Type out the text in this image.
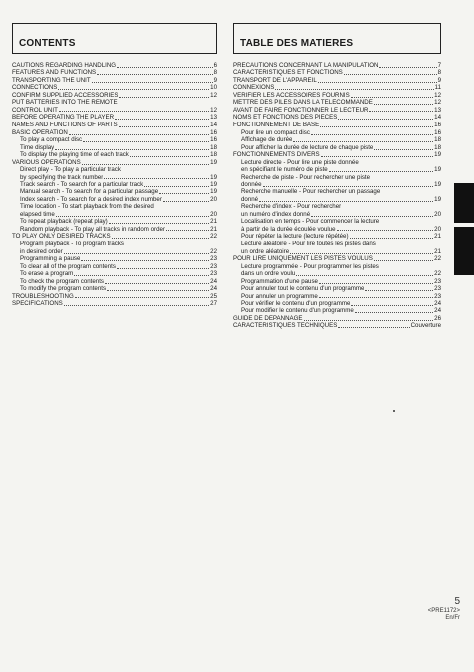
CONTENTS
CAUTIONS REGARDING HANDLING	6
FEATURES AND FUNCTIONS	8
TRANSPORTING THE UNIT	9
CONNECTIONS	10
CONFIRM SUPPLIED ACCESSORIES	12
PUT BATTERIES INTO THE REMOTE
CONTROL UNIT	12
BEFORE OPERATING THE PLAYER	13
NAMES AND FUNCTIONS OF PARTS	14
BASIC OPERATION	16
To play a compact disc	16
Time display	18
To display the playing time of each track	18
VARIOUS OPERATIONS	19
Direct play - To play a particular track
by specifying the track number	19
Track search - To search for a particular track	19
Manual search - To search for a particular passage	19
Index search - To search for a desired index number	20
Time location - To start playback from the desired
elapsed time	20
To repeat playback (repeat play)	21
Random playback - To play all tracks in random order	21
TO PLAY ONLY DESIRED TRACKS	22
Program playback - To program tracks
in desired order	22
Programming a pause	23
To clear all of the program contents	23
To erase a program	23
To check the program contents	24
To modify the program contents	24
TROUBLESHOOTING	25
SPECIFICATIONS	27
TABLE DES MATIERES
PRECAUTIONS CONCERNANT LA MANIPULATION	7
CARACTERISTIQUES ET FONCTIONS	8
TRANSPORT DE L'APPAREIL	9
CONNEXIONS	11
VERIFIER LES ACCESSOIRES FOURNIS	12
METTRE DES PILES DANS LA TELECOMMANDE	12
AVANT DE FAIRE FONCTIONNER LE LECTEUR	13
NOMS ET FONCTIONS DES PIECES	14
FONCTIONNEMENT DE BASE	16
Pour lire un compact disc	16
Affichage de durée	18
Pour afficher la durée de lecture de chaque piste	18
FONCTIONNEMENTS DIVERS	19
Lecture directe - Pour lire une piste donnée
en spécifiant le numéro de piste	19
Recherche de piste - Pour rechercher une piste
donnée	19
Recherche manuelle - Pour rechercher un passage
donné	19
Recherche d'index - Pour rechercher
un numéro d'index donné	20
Localisation en temps - Pour commencer la lecture
à partir de la durée écoulée voulue	20
Pour répéter la lecture (lecture répétée)	21
Lecture aléatoire - Pour lire toutes les pistes dans
un ordre aléatoire	21
POUR LIRE UNIQUEMENT LES PISTES VOULUS	22
Lecture programmée - Pour programmer les pistes
dans un ordre voulu	22
Programmation d'une pause	23
Pour annuler tout le contenu d'un programme	23
Pour annuler un programme	23
Pour vérifier le contenu d'un programme	24
Pour modifier le contenu d'un programme	24
GUIDE DE DEPANNAGE	26
CARACTERISTIQUES TECHNIQUES	Couverture
5
<PRE1172>
En/Fr
